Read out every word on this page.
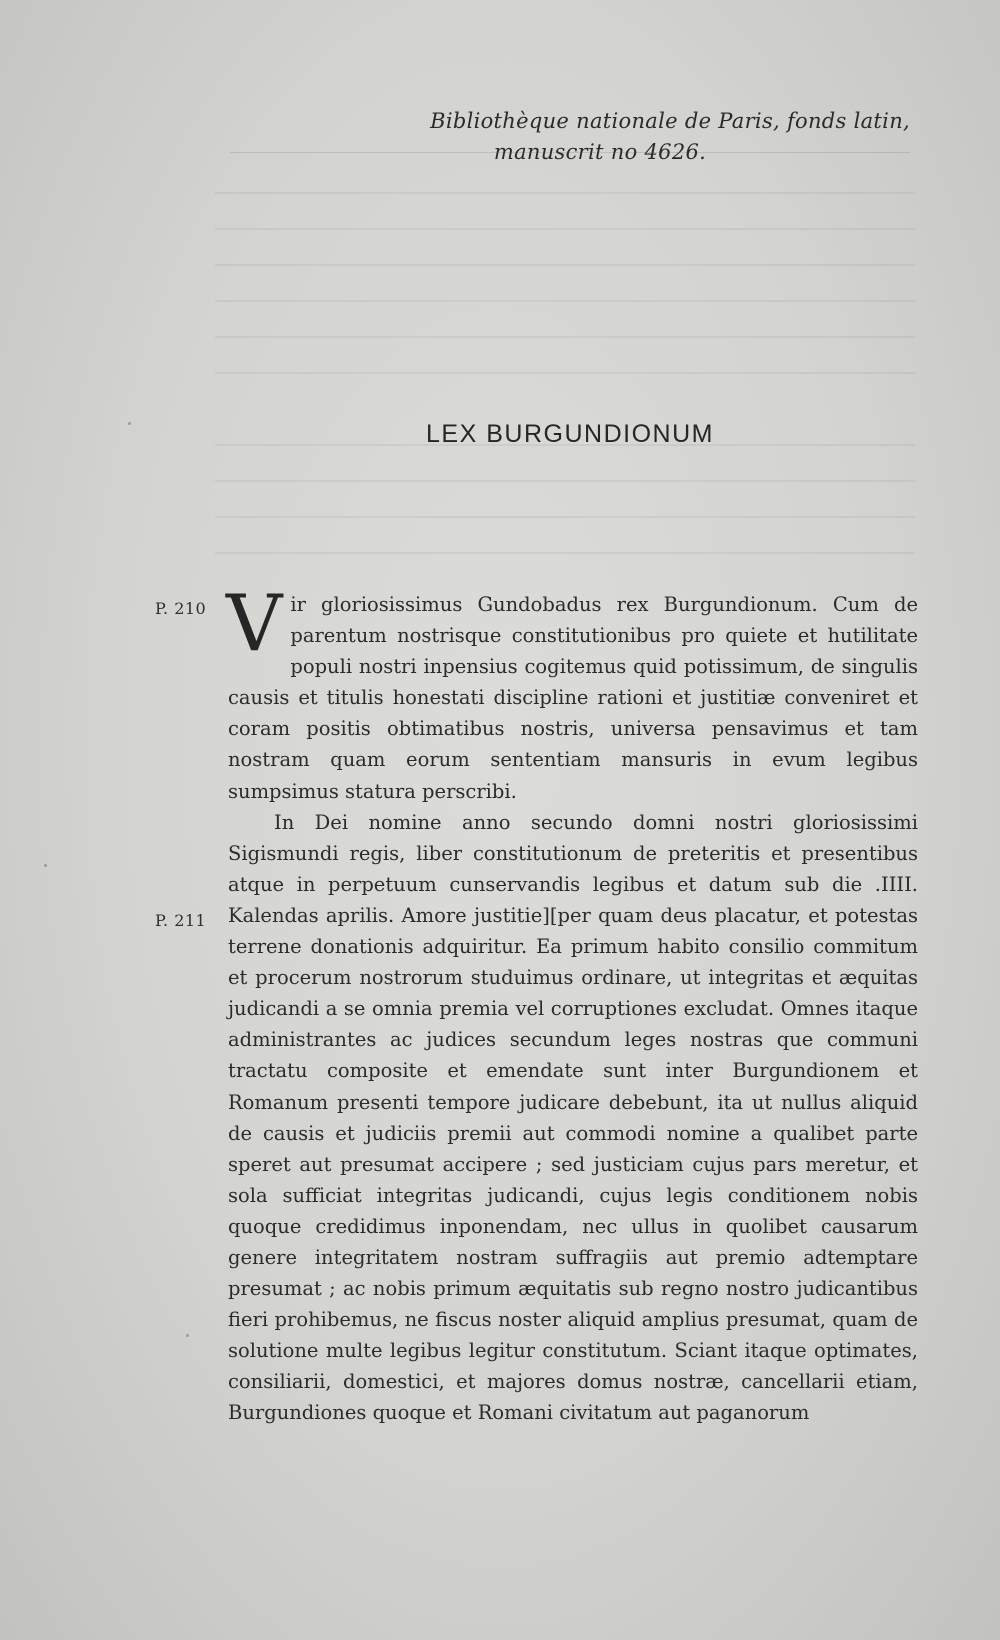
Bibliothèque nationale de Paris, fonds latin,
manuscrit no 4626.
LEX BURGUNDIONUM
P. 210
P. 211

Vir gloriosissimus Gundobadus rex Burgundionum. Cum de parentum nostrisque constitutionibus pro quiete et hutilitate populi nostri inpensius cogitemus quid potissimum, de singulis causis et titulis honestati discipline rationi et justitiæ conveniret et coram positis obtimatibus nostris, universa pensavimus et tam nostram quam eorum sententiam mansuris in evum legibus sumpsimus statura perscribi.

In Dei nomine anno secundo domni nostri gloriosissimi Sigismundi regis, liber constitutionum de preteritis et presentibus atque in perpetuum cunservandis legibus et datum sub die .IIII. Kalendas aprilis. Amore justitie][per quam deus placatur, et potestas terrene donationis adquiritur. Ea primum habito consilio commitum et procerum nostrorum studuimus ordinare, ut integritas et æquitas judicandi a se omnia premia vel corruptiones excludat. Omnes itaque administrantes ac judices secundum leges nostras que communi tractatu composite et emendate sunt inter Burgundionem et Romanum presenti tempore judicare debebunt, ita ut nullus aliquid de causis et judiciis premii aut commodi nomine a qualibet parte speret aut presumat accipere ; sed justiciam cujus pars meretur, et sola sufficiat integritas judicandi, cujus legis conditionem nobis quoque credidimus inponendam, nec ullus in quolibet causarum genere integritatem nostram suffragiis aut premio adtemptare presumat ; ac nobis primum æquitatis sub regno nostro judicantibus fieri prohibemus, ne fiscus noster aliquid amplius presumat, quam de solutione multe legibus legitur constitutum. Sciant itaque optimates, consiliarii, domestici, et majores domus nostræ, cancellarii etiam, Burgundiones quoque et Romani civitatum aut paganorum
